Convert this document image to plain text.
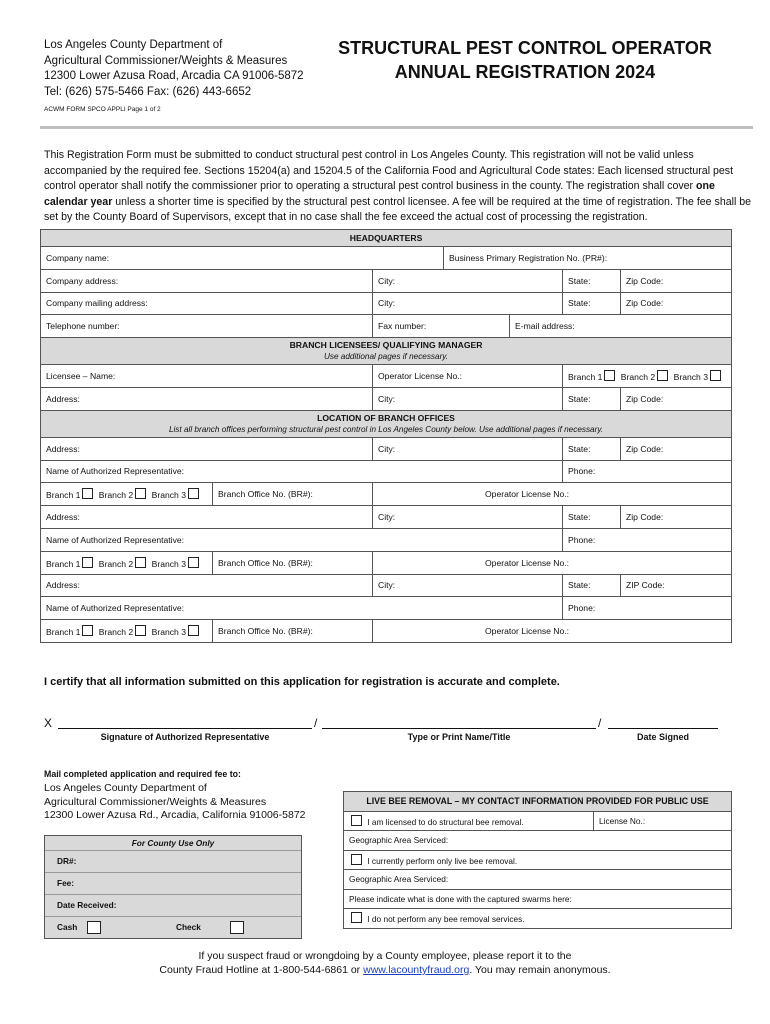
Los Angeles County Department of
Agricultural Commissioner/Weights & Measures
12300 Lower Azusa Road, Arcadia CA 91006-5872
Tel: (626) 575-5466 Fax: (626) 443-6652
ACWM FORM SPCO APPLI Page 1 of 2
STRUCTURAL PEST CONTROL OPERATOR
ANNUAL REGISTRATION 2024
This Registration Form must be submitted to conduct structural pest control in Los Angeles County. This registration will not be valid unless accompanied by the required fee. Sections 15204(a) and 15204.5 of the California Food and Agricultural Code states: Each licensed structural pest control operator shall notify the commissioner prior to operating a structural pest control business in the county. The registration shall cover one calendar year unless a shorter time is specified by the structural pest control licensee. A fee will be required at the time of registration. The fee shall be set by the County Board of Supervisors, except that in no case shall the fee exceed the actual cost of processing the registration.
HEADQUARTERS						
Company name:			Business Primary Registration No. (PR#):			
Company address:		City:			State:	Zip Code:
Company mailing address:		City:			State:	Zip Code:
Telephone number:		Fax number:		E-mail address:		
BRANCH LICENSEES/ QUALIFYING MANAGER
Use additional pages if necessary.						

Licensee – Name:		Operator License No.:			Branch 1 Branch 2 Branch 3	
Address:		City:			State:	Zip Code:
LOCATION OF BRANCH OFFICES
List all branch offices performing structural pest control in Los Angeles County below. Use additional pages if necessary.						

Address:		City:			State:	Zip Code:
Name of Authorized Representative:					Phone:	
Branch 1 Branch 2 Branch 3	Branch Office No. (BR#):	Operator License No.:				
Address:		City:			State:	Zip Code:
Name of Authorized Representative:					Phone:	
Branch 1 Branch 2 Branch 3	Branch Office No. (BR#):	Operator License No.:				
Address:		City:			State:	ZIP Code:
Name of Authorized Representative:					Phone:	
Branch 1 Branch 2 Branch 3	Branch Office No. (BR#):	Operator License No.:				
I certify that all information submitted on this application for registration is accurate and complete.
X	/	/
Signature of Authorized Representative	Type or Print Name/Title	Date Signed
Mail completed application and required fee to:
Los Angeles County Department of
Agricultural Commissioner/Weights & Measures
12300 Lower Azusa Rd., Arcadia, California 91006-5872
For County Use Only
DR#:
Fee:
Date Received:
Cash	Check
LIVE BEE REMOVAL – MY CONTACT INFORMATION PROVIDED FOR PUBLIC USE
I am licensed to do structural bee removal.	License No.:
Geographic Area Serviced:
I currently perform only live bee removal.
Geographic Area Serviced:
Please indicate what is done with the captured swarms here:
I do not perform any bee removal services.
If you suspect fraud or wrongdoing by a County employee, please report it to the
County Fraud Hotline at 1-800-544-6861 or www.lacountyfraud.org. You may remain anonymous.
